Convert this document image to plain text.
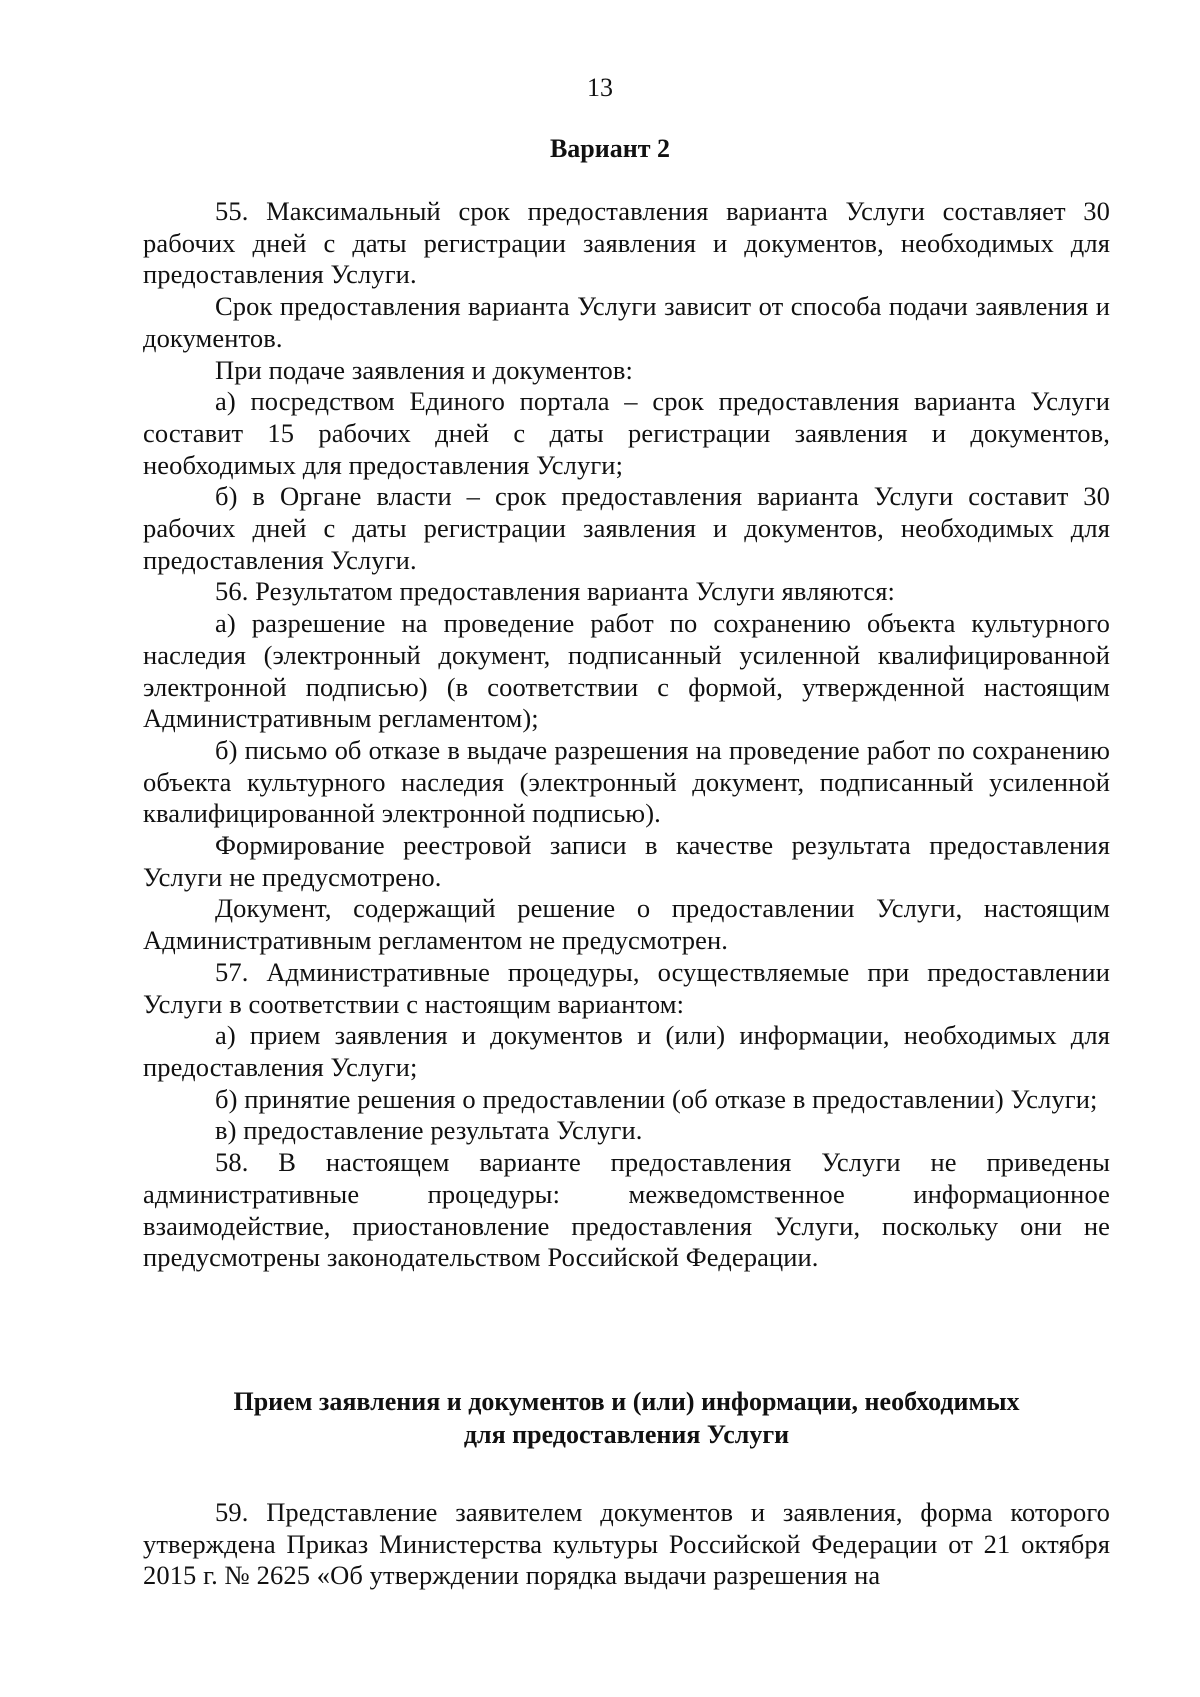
13
Вариант 2

55. Максимальный срок предоставления варианта Услуги составляет 30 рабочих дней с даты регистрации заявления и документов, необходимых для предоставления Услуги.

Срок предоставления варианта Услуги зависит от способа подачи заявления и документов.

При подаче заявления и документов:

а) посредством Единого портала – срок предоставления варианта Услуги составит 15 рабочих дней с даты регистрации заявления и документов, необходимых для предоставления Услуги;

б) в Органе власти – срок предоставления варианта Услуги составит 30 рабочих дней с даты регистрации заявления и документов, необходимых для предоставления Услуги.

56. Результатом предоставления варианта Услуги являются:

а) разрешение на проведение работ по сохранению объекта культурного наследия (электронный документ, подписанный усиленной квалифицированной электронной подписью) (в соответствии с формой, утвержденной настоящим Административным регламентом);

б) письмо об отказе в выдаче разрешения на проведение работ по сохранению объекта культурного наследия (электронный документ, подписанный усиленной квалифицированной электронной подписью).

Формирование реестровой записи в качестве результата предоставления Услуги не предусмотрено.

Документ, содержащий решение о предоставлении Услуги, настоящим Административным регламентом не предусмотрен.

57. Административные процедуры, осуществляемые при предоставлении Услуги в соответствии с настоящим вариантом:

а) прием заявления и документов и (или) информации, необходимых для предоставления Услуги;

б) принятие решения о предоставлении (об отказе в предоставлении) Услуги;

в) предоставление результата Услуги.

58. В настоящем варианте предоставления Услуги не приведены административные процедуры: межведомственное информационное взаимодействие, приостановление предоставления Услуги, поскольку они не предусмотрены законодательством Российской Федерации.

Прием заявления и документов и (или) информации, необходимых
для предоставления Услуги

59. Представление заявителем документов и заявления, форма которого утверждена Приказ Министерства культуры Российской Федерации от 21 октября 2015 г. № 2625 «Об утверждении порядка выдачи разрешения на
